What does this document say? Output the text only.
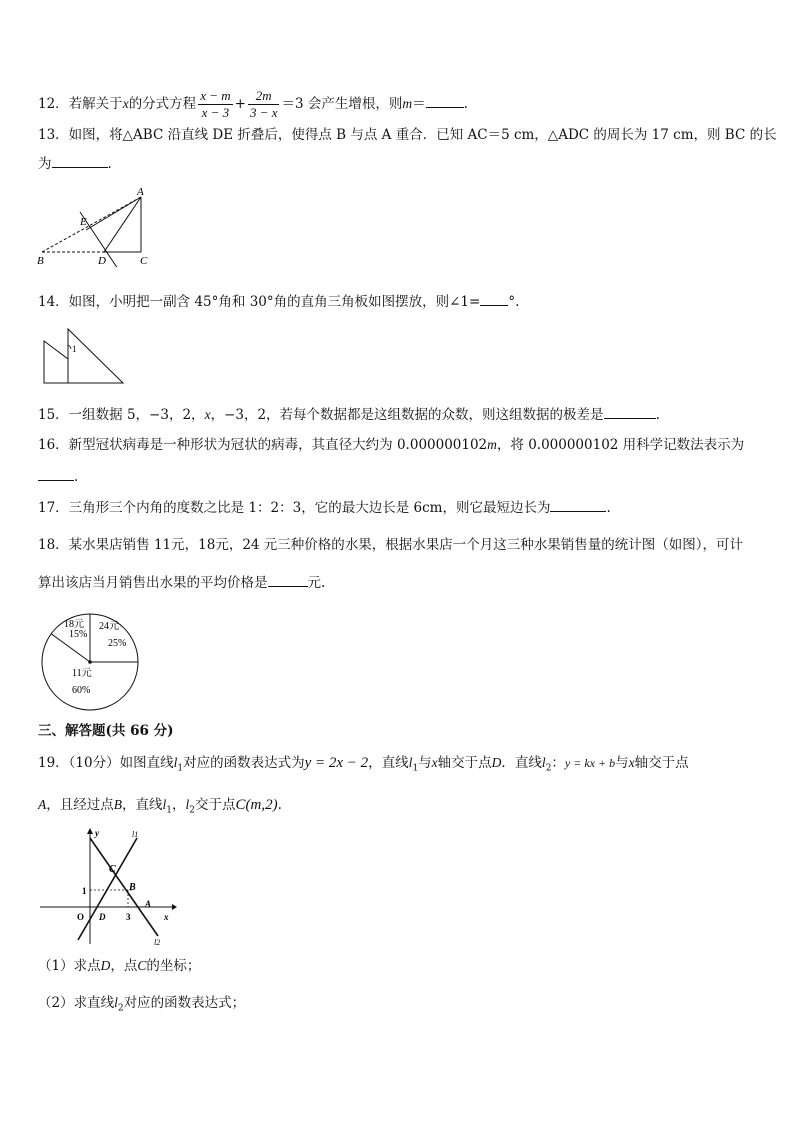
12．若解关于x的分式方程 $\frac{x - m}{x - 3} + \frac{2m}{3 - x} =3$ 会产生增根，则m＝	.
13．如图，将△ABC 沿直线 DE 折叠后，使得点 B 与点 A 重合．已知 AC＝5 cm，△ADC 的周长为 17 cm，则 BC 的长
为	.
A
E
B	D	C
14．如图，小明把一副含 45°角和 30°角的直角三角板如图摆放，则∠1= °.
1
15．一组数据 5，−3，2，x，−3，2，若每个数据都是这组数据的众数，则这组数据的极差是	.
16．新型冠状病毒是一种形状为冠状的病毒，其直径大约为 0.000000102m，将 0.000000102 用科学记数法表示为
.
17．三角形三个内角的度数之比是 1：2：3，它的最大边长是 6cm，则它最短边长为	.
18．某水果店销售 11元，18元，24 元三种价格的水果，根据水果店一个月这三种水果销售量的统计图（如图），可计
算出该店当月销售出水果的平均价格是	元.
18元
15%
24元
25%
11元
60%
三、解答题(共 66 分)
19．（10分）如图直线$l_1$对应的函数表达式为y = 2x − 2，直线$l_1$与x轴交于点D．直线$l_2$：y = kx + b与x轴交于点
A，且经过点B，直线$l_1$，$l_2$交于点C(m,2).
y	l1
C
B
A
1
O D 3	x
l2
（1）求点D，点C的坐标；
（2）求直线$l_2$对应的函数表达式；
